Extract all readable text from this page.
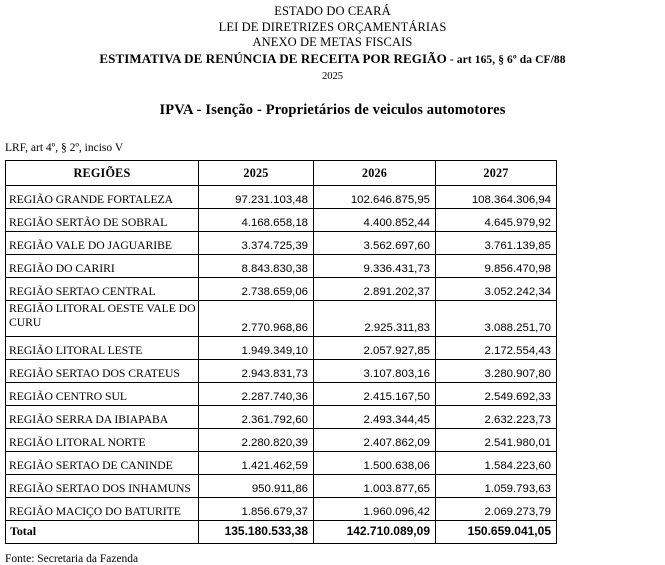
ESTADO DO CEARÁ
LEI DE DIRETRIZES ORÇAMENTÁRIAS
ANEXO DE METAS FISCAIS
ESTIMATIVA DE RENÚNCIA DE RECEITA POR REGIÃO - art 165, § 6º da CF/88
2025
IPVA - Isenção - Proprietários de veiculos automotores
LRF, art 4º, § 2º, inciso V
REGIÕES	2025	2026	2027
REGIÃO GRANDE FORTALEZA	97.231.103,48	102.646.875,95	108.364.306,94
REGIÃO SERTÃO DE SOBRAL	4.168.658,18	4.400.852,44	4.645.979,92
REGIÃO VALE DO JAGUARIBE	3.374.725,39	3.562.697,60	3.761.139,85
REGIÃO DO CARIRI	8.843.830,38	9.336.431,73	9.856.470,98
REGIÃO SERTAO CENTRAL	2.738.659,06	2.891.202,37	3.052.242,34
REGIÃO LITORAL OESTE VALE DO CURU	2.770.968,86	2.925.311,83	3.088.251,70
REGIÃO LITORAL LESTE	1.949.349,10	2.057.927,85	2.172.554,43
REGIÃO SERTAO DOS CRATEUS	2.943.831,73	3.107.803,16	3.280.907,80
REGIÃO CENTRO SUL	2.287.740,36	2.415.167,50	2.549.692,33
REGIÃO SERRA DA IBIAPABA	2.361.792,60	2.493.344,45	2.632.223,73
REGIÃO LITORAL NORTE	2.280.820,39	2.407.862,09	2.541.980,01
REGIÃO SERTAO DE CANINDE	1.421.462,59	1.500.638,06	1.584.223,60
REGIÃO SERTAO DOS INHAMUNS	950.911,86	1.003.877,65	1.059.793,63
REGIÃO MACIÇO DO BATURITE	1.856.679,37	1.960.096,42	2.069.273,79
Total	135.180.533,38	142.710.089,09	150.659.041,05
Fonte: Secretaria da Fazenda
